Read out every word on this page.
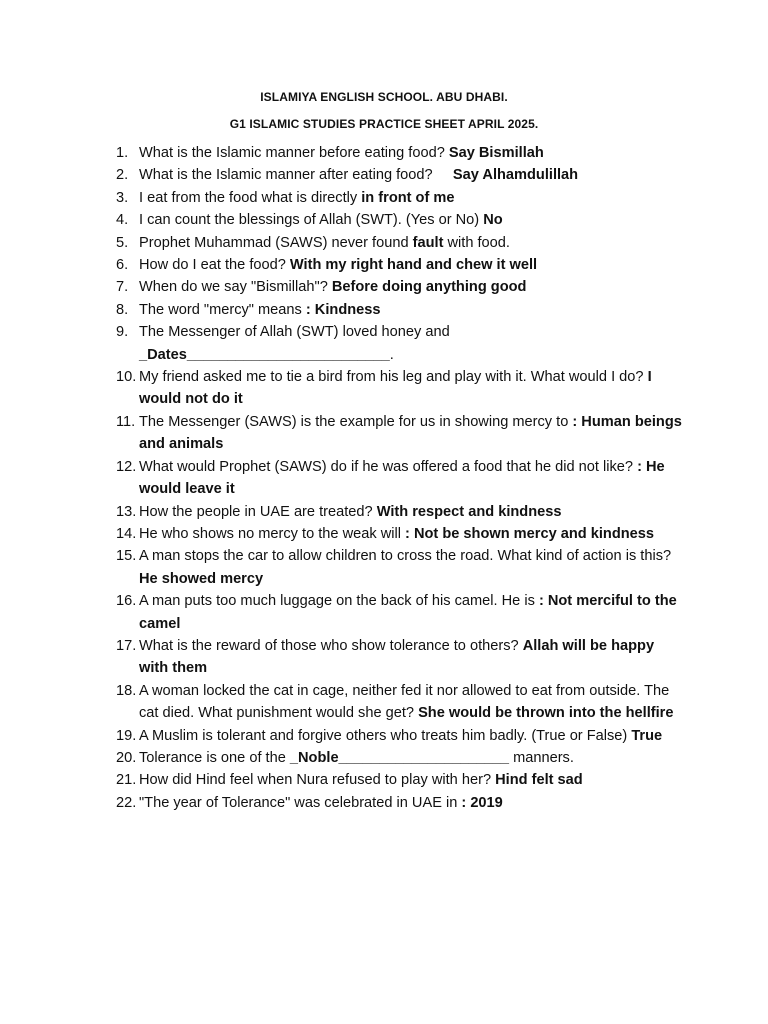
ISLAMIYA ENGLISH SCHOOL. ABU DHABI.
G1 ISLAMIC STUDIES PRACTICE SHEET APRIL 2025.
1. What is the Islamic manner before eating food? Say Bismillah
2. What is the Islamic manner after eating food?     Say Alhamdulillah
3. I eat from the food what is directly in front of me
4. I can count the blessings of Allah (SWT). (Yes or No) No
5. Prophet Muhammad (SAWS) never found fault with food.
6. How do I eat the food? With my right hand and chew it well
7. When do we say "Bismillah"? Before doing anything good
8. The word "mercy" means : Kindness
9. The Messenger of Allah (SWT) loved honey and
_Dates_________________________.
10. My friend asked me to tie a bird from his leg and play with it. What would I do? I would not do it
11. The Messenger (SAWS) is the example for us in showing mercy to : Human beings and animals
12. What would Prophet (SAWS) do if he was offered a food that he did not like? : He would leave it
13. How the people in UAE are treated? With respect and kindness
14. He who shows no mercy to the weak will : Not be shown mercy and kindness
15. A man stops the car to allow children to cross the road. What kind of action is this? He showed mercy
16. A man puts too much luggage on the back of his camel. He is : Not merciful to the camel
17. What is the reward of those who show tolerance to others? Allah will be happy with them
18. A woman locked the cat in cage, neither fed it nor allowed to eat from outside. The cat died. What punishment would she get? She would be thrown into the hellfire
19. A Muslim is tolerant and forgive others who treats him badly. (True or False) True
20. Tolerance is one of the _Noble_____________________ manners.
21. How did Hind feel when Nura refused to play with her? Hind felt sad
22. "The year of Tolerance" was celebrated in UAE in : 2019
